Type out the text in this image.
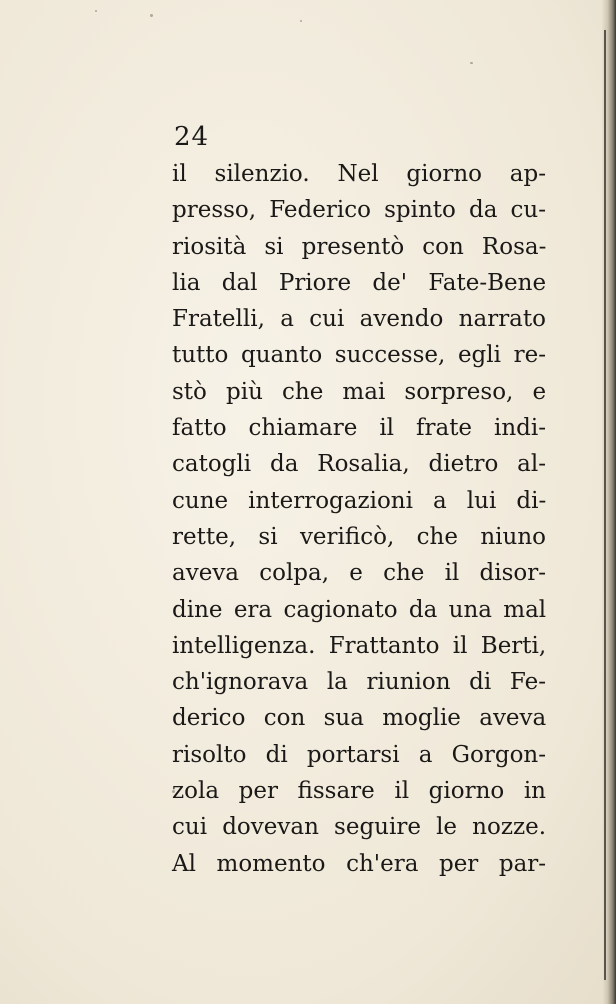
24
il silenzio. Nel giorno ap-
presso, Federico spinto da cu-
riosità si presentò con Rosa-
lia dal Priore de' Fate-Bene
Fratelli, a cui avendo narrato
tutto quanto successe, egli re-
stò più che mai sorpreso, e
fatto chiamare il frate indi-
catogli da Rosalia, dietro al-
cune interrogazioni a lui di-
rette, si verificò, che niuno
aveva colpa, e che il disor-
dine era cagionato da una mal
intelligenza. Frattanto il Berti,
ch'ignorava la riunion di Fe-
derico con sua moglie aveva
risolto di portarsi a Gorgon-
zola per fissare il giorno in
cui dovevan seguire le nozze.
Al momento ch'era per par-
